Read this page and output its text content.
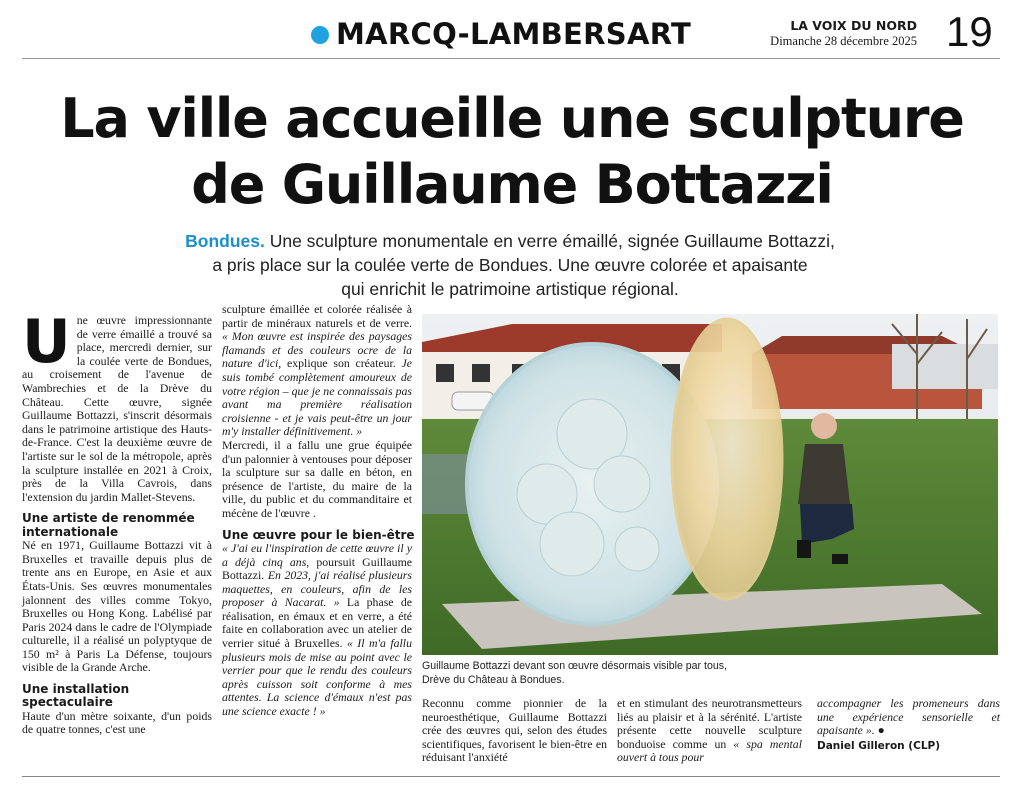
MARCQ-LAMBERSART	LA VOIX DU NORD
Dimanche 28 décembre 2025 19
La ville accueille une sculpture
de Guillaume Bottazzi
Bondues. Une sculpture monumentale en verre émaillé, signée Guillaume Bottazzi,
a pris place sur la coulée verte de Bondues. Une œuvre colorée et apaisante
qui enrichit le patrimoine artistique régional.

Une œuvre impressionnante de verre émaillé a trouvé sa place, mercredi dernier, sur la coulée verte de Bondues, au croisement de l'avenue de Wambrechies et de la Drève du Château. Cette œuvre, signée Guillaume Bottazzi, s'inscrit désormais dans le patrimoine artistique des Hauts-de-France. C'est la deuxième œuvre de l'artiste sur le sol de la métropole, après la sculpture installée en 2021 à Croix, près de la Villa Cavrois, dans l'extension du jardin Mallet-Stevens.

Une artiste de renommée
internationale

Né en 1971, Guillaume Bottazzi vit à Bruxelles et travaille depuis plus de trente ans en Europe, en Asie et aux États-Unis. Ses œuvres monumentales jalonnent des villes comme Tokyo, Bruxelles ou Hong Kong. Labélisé par Paris 2024 dans le cadre de l'Olympiade culturelle, il a réalisé un polyptyque de 150 m² à Paris La Défense, toujours visible de la Grande Arche.

Une installation
spectaculaire

Haute d'un mètre soixante, d'un poids de quatre tonnes, c'est une

sculpture émaillée et colorée réalisée à partir de minéraux naturels et de verre. « Mon œuvre est inspirée des paysages flamands et des couleurs ocre de la nature d'ici, explique son créateur. Je suis tombé complètement amoureux de votre région – que je ne connaissais pas avant ma première réalisation croisienne - et je vais peut-être un jour m'y installer définitivement. »

Mercredi, il a fallu une grue équipée d'un palonnier à ventouses pour déposer la sculpture sur sa dalle en béton, en présence de l'artiste, du maire de la ville, du public et du commanditaire et mécène de l'œuvre .

Une œuvre pour le bien-être

« J'ai eu l'inspiration de cette œuvre il y a déjà cinq ans, poursuit Guillaume Bottazzi. En 2023, j'ai réalisé plusieurs maquettes, en couleurs, afin de les proposer à Nacarat. » La phase de réalisation, en émaux et en verre, a été faite en collaboration avec un atelier de verrier situé à Bruxelles. « Il m'a fallu plusieurs mois de mise au point avec le verrier pour que le rendu des couleurs après cuisson soit conforme à mes attentes. La science d'émaux n'est pas une science exacte ! »

Guillaume Bottazzi devant son œuvre désormais visible par tous,
Drève du Château à Bondues.

Reconnu comme pionnier de la neuroesthétique, Guillaume Bottazzi crée des œuvres qui, selon des études scientifiques, favorisent le bien-être en réduisant l'anxiété

et en stimulant des neurotransmetteurs liés au plaisir et à la sérénité. L'artiste présente cette nouvelle sculpture bonduoise comme un « spa mental ouvert à tous pour

accompagner les promeneurs dans une expérience sensorielle et apaisante ». ●

Daniel Gilleron (CLP)
